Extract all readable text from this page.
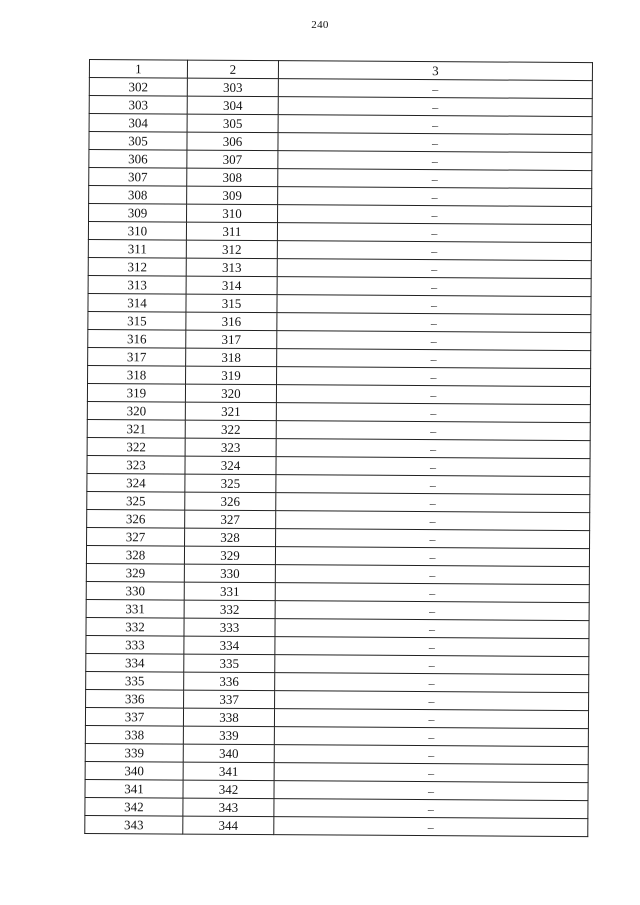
240
1	2	3
302	303	–
303	304	–
304	305	–
305	306	–
306	307	–
307	308	–
308	309	–
309	310	–
310	311	–
311	312	–
312	313	–
313	314	–
314	315	–
315	316	–
316	317	–
317	318	–
318	319	–
319	320	–
320	321	–
321	322	–
322	323	–
323	324	–
324	325	–
325	326	–
326	327	–
327	328	–
328	329	–
329	330	–
330	331	–
331	332	–
332	333	–
333	334	–
334	335	–
335	336	–
336	337	–
337	338	–
338	339	–
339	340	–
340	341	–
341	342	–
342	343	–
343	344	–
